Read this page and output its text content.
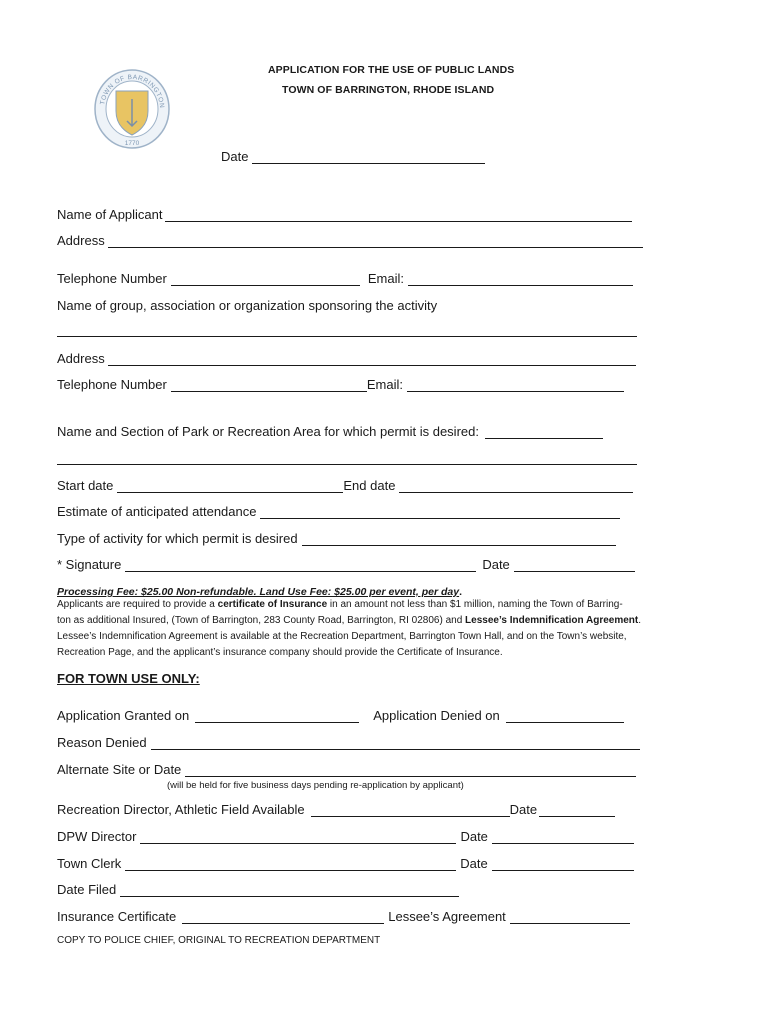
TOWN OF BARRINGTON
1770
APPLICATION FOR THE USE OF PUBLIC LANDS
TOWN OF BARRINGTON, RHODE ISLAND
Date
Name of Applicant
Address
Telephone Number	Email:
Name of group, association or organization sponsoring the activity
Address
Telephone Number	Email:
Name and Section of Park or Recreation Area for which permit is desired:
Start date	End date
Estimate of anticipated attendance
Type of activity for which permit is desired
* Signature	Date
Processing Fee: $25.00 Non-refundable. Land Use Fee: $25.00 per event, per day.
Applicants are required to provide a certificate of Insurance in an amount not less than $1 million, naming the Town of Barring-
ton as additional Insured, (Town of Barrington, 283 County Road, Barrington, RI 02806) and Lessee’s Indemnification Agreement.
Lessee’s Indemnification Agreement is available at the Recreation Department, Barrington Town Hall, and on the Town’s website,
Recreation Page, and the applicant’s insurance company should provide the Certificate of Insurance.
FOR TOWN USE ONLY:
Application Granted on	Application Denied on
Reason Denied
Alternate Site or Date
(will be held for five business days pending re-application by applicant)
Recreation Director, Athletic Field Available	Date
DPW Director	Date
Town Clerk	Date
Date Filed
Insurance Certificate	Lessee’s Agreement
COPY TO POLICE CHIEF, ORIGINAL TO RECREATION DEPARTMENT
